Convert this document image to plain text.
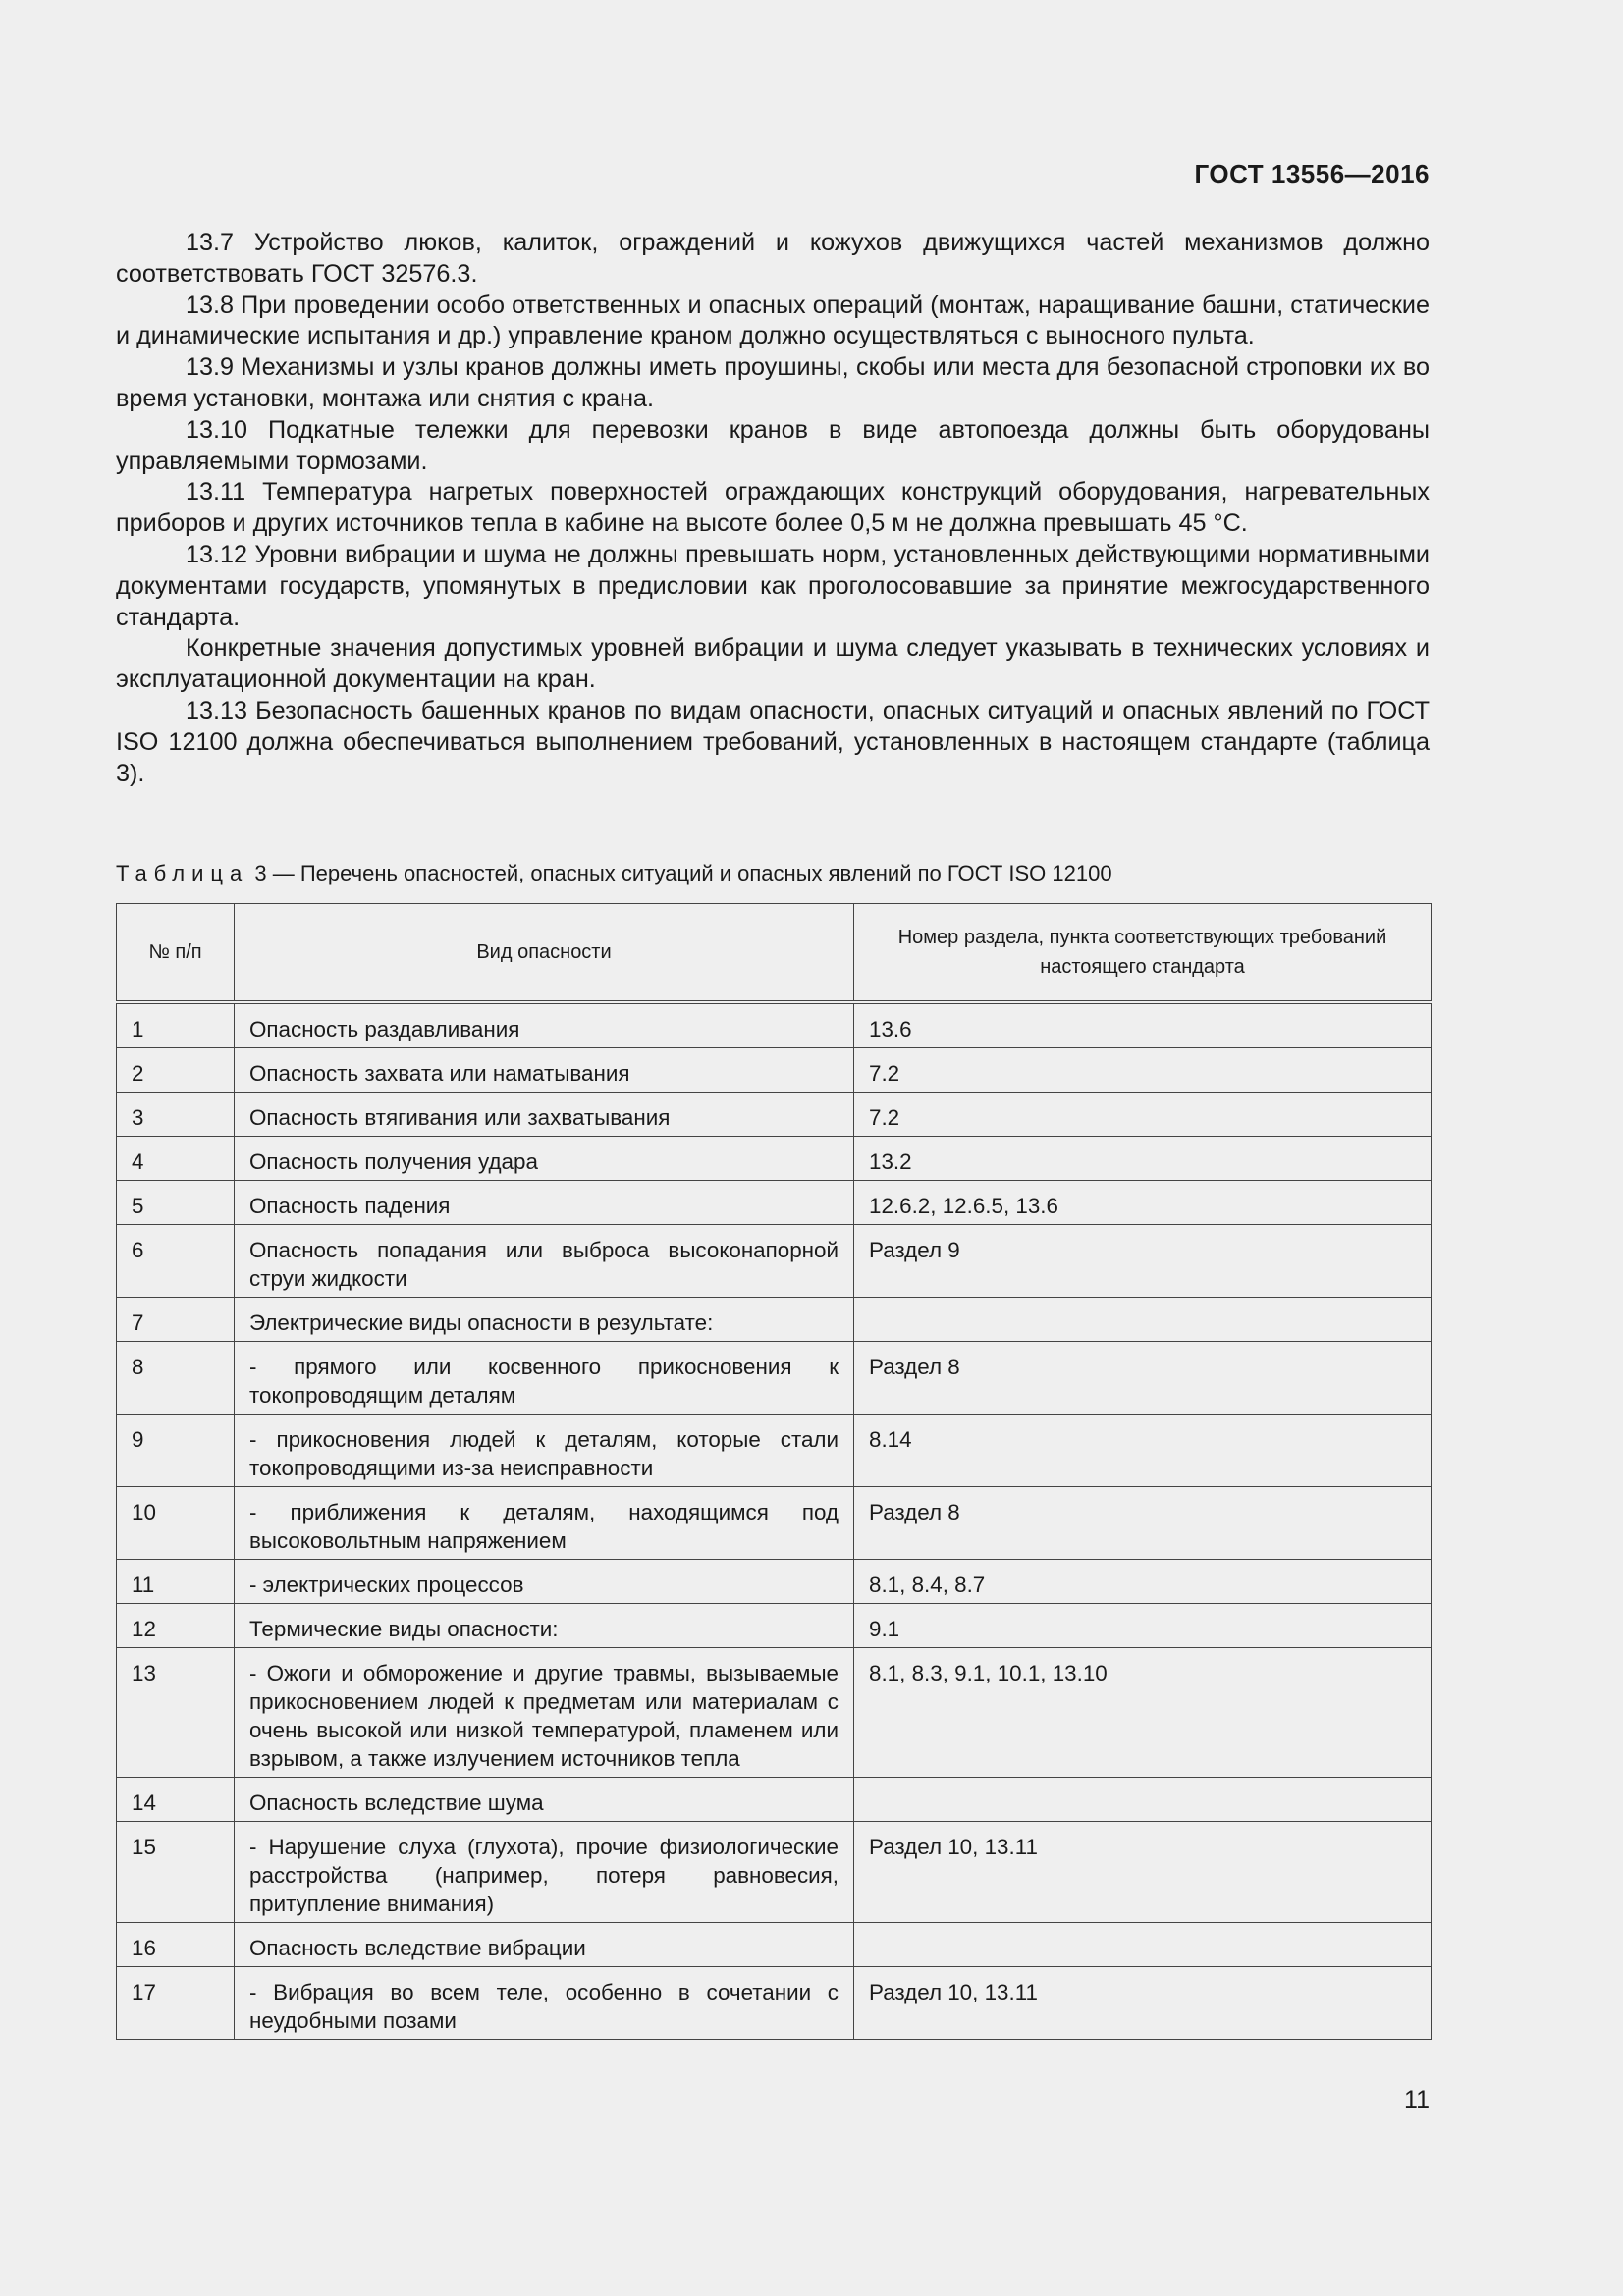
ГОСТ 13556—2016

13.7 Устройство люков, калиток, ограждений и кожухов движущихся частей механизмов должно соответствовать ГОСТ 32576.3.

13.8 При проведении особо ответственных и опасных операций (монтаж, наращивание башни, статические и динамические испытания и др.) управление краном должно осуществляться с выносного пульта.

13.9 Механизмы и узлы кранов должны иметь проушины, скобы или места для безопасной строповки их во время установки, монтажа или снятия с крана.

13.10 Подкатные тележки для перевозки кранов в виде автопоезда должны быть оборудованы управляемыми тормозами.

13.11 Температура нагретых поверхностей ограждающих конструкций оборудования, нагревательных приборов и других источников тепла в кабине на высоте более 0,5 м не должна превышать 45 °С.

13.12 Уровни вибрации и шума не должны превышать норм, установленных действующими нормативными документами государств, упомянутых в предисловии как проголосовавшие за принятие межгосударственного стандарта.

Конкретные значения допустимых уровней вибрации и шума следует указывать в технических условиях и эксплуатационной документации на кран.

13.13 Безопасность башенных кранов по видам опасности, опасных ситуаций и опасных явлений по ГОСТ ISO 12100 должна обеспечиваться выполнением требований, установленных в настоящем стандарте (таблица 3).

Таблица 3 — Перечень опасностей, опасных ситуаций и опасных явлений по ГОСТ ISO 12100
№ п/п	Вид опасности	Номер раздела, пункта соответствующих требований настоящего стандарта
1	Опасность раздавливания	13.6
2	Опасность захвата или наматывания	7.2
3	Опасность втягивания или захватывания	7.2
4	Опасность получения удара	13.2
5	Опасность падения	12.6.2, 12.6.5, 13.6
6	Опасность попадания или выброса высоконапорной струи жидкости	Раздел 9
7	Электрические виды опасности в результате:	
8	- прямого или косвенного прикосновения к токопроводящим деталям	Раздел 8
9	- прикосновения людей к деталям, которые стали токопроводящими из-за неисправности	8.14
10	- приближения к деталям, находящимся под высоковольтным напряжением	Раздел 8
11	- электрических процессов	8.1, 8.4, 8.7
12	Термические виды опасности:	9.1
13	- Ожоги и обморожение и другие травмы, вызываемые прикосновением людей к предметам или материалам с очень высокой или низкой температурой, пламенем или взрывом, а также излучением источников тепла	8.1, 8.3, 9.1, 10.1, 13.10
14	Опасность вследствие шума	
15	- Нарушение слуха (глухота), прочие физиологические расстройства (например, потеря равновесия, притупление внимания)	Раздел 10, 13.11
16	Опасность вследствие вибрации	
17	- Вибрация во всем теле, особенно в сочетании с неудобными позами	Раздел 10, 13.11
11
